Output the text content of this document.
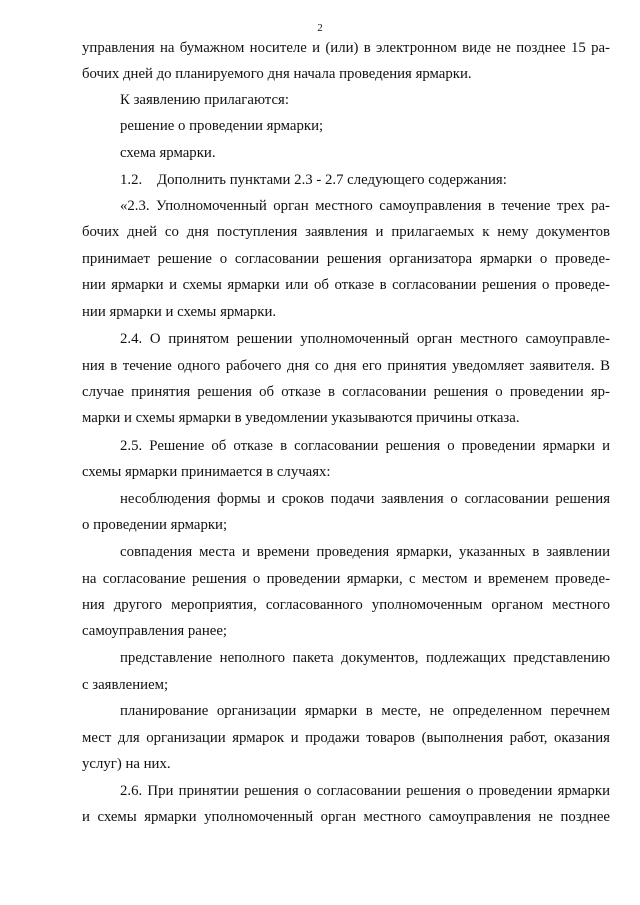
2
управления на бумажном носителе и (или) в электронном виде не позднее 15 ра-
бочих дней до планируемого дня начала проведения ярмарки.
К заявлению прилагаются:
решение о проведении ярмарки;
схема ярмарки.
1.2.    Дополнить пунктами 2.3 - 2.7 следующего содержания:
«2.3. Уполномоченный орган местного самоуправления в течение трех ра-
бочих дней со дня поступления заявления и прилагаемых к нему документов
принимает решение о согласовании решения организатора ярмарки о проведе-
нии ярмарки и схемы ярмарки или об отказе в согласовании решения о проведе-
нии ярмарки и схемы ярмарки.
2.4. О принятом решении уполномоченный орган местного самоуправле-
ния в течение одного рабочего дня со дня его принятия уведомляет заявителя. В
случае принятия решения об отказе в согласовании решения о проведении яр-
марки и схемы ярмарки в уведомлении указываются причины отказа.
2.5. Решение об отказе в согласовании решения о проведении ярмарки и
схемы ярмарки принимается в случаях:
несоблюдения формы и сроков подачи заявления о согласовании решения
о проведении ярмарки;
совпадения места и времени проведения ярмарки, указанных в заявлении
на согласование решения о проведении ярмарки, с местом и временем проведе-
ния другого мероприятия, согласованного уполномоченным органом местного
самоуправления ранее;
представление неполного пакета документов, подлежащих представлению
с заявлением;
планирование организации ярмарки в месте, не определенном перечнем
мест для организации ярмарок и продажи товаров (выполнения работ, оказания
услуг) на них.
2.6. При принятии решения о согласовании решения о проведении ярмарки
и схемы ярмарки уполномоченный орган местного самоуправления не позднее
